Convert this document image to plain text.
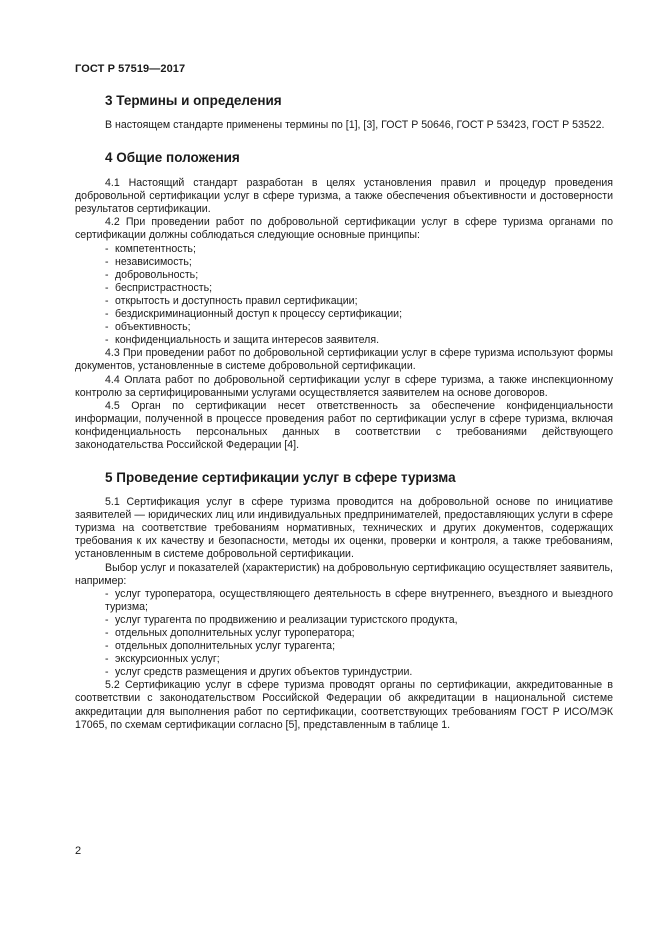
ГОСТ Р 57519—2017
3 Термины и определения

В настоящем стандарте применены термины по [1], [3], ГОСТ Р 50646, ГОСТ Р 53423, ГОСТ Р 53522.

4 Общие положения

4.1 Настоящий стандарт разработан в целях установления правил и процедур проведения добровольной сертификации услуг в сфере туризма, а также обеспечения объективности и достоверности результатов сертификации.

4.2 При проведении работ по добровольной сертификации услуг в сфере туризма органами по сертификации должны соблюдаться следующие основные принципы:

- компетентность;
- независимость;
- добровольность;
- беспристрастность;
- открытость и доступность правил сертификации;
- бездискриминационный доступ к процессу сертификации;
- объективность;
- конфиденциальность и защита интересов заявителя.

4.3 При проведении работ по добровольной сертификации услуг в сфере туризма используют формы документов, установленные в системе добровольной сертификации.

4.4 Оплата работ по добровольной сертификации услуг в сфере туризма, а также инспекционному контролю за сертифицированными услугами осуществляется заявителем на основе договоров.

4.5 Орган по сертификации несет ответственность за обеспечение конфиденциальности информации, полученной в процессе проведения работ по сертификации услуг в сфере туризма, включая конфиденциальность персональных данных в соответствии с требованиями действующего законодательства Российской Федерации [4].

5 Проведение сертификации услуг в сфере туризма

5.1 Сертификация услуг в сфере туризма проводится на добровольной основе по инициативе заявителей — юридических лиц или индивидуальных предпринимателей, предоставляющих услуги в сфере туризма на соответствие требованиям нормативных, технических и других документов, содержащих требования к их качеству и безопасности, методы их оценки, проверки и контроля, а также требованиям, установленным в системе добровольной сертификации.

Выбор услуг и показателей (характеристик) на добровольную сертификацию осуществляет заявитель, например:

- услуг туроператора, осуществляющего деятельность в сфере внутреннего, въездного и выездного туризма;
- услуг турагента по продвижению и реализации туристского продукта,
- отдельных дополнительных услуг туроператора;
- отдельных дополнительных услуг турагента;
- экскурсионных услуг;
- услуг средств размещения и других объектов туриндустрии.

5.2 Сертификацию услуг в сфере туризма проводят органы по сертификации, аккредитованные в соответствии с законодательством Российской Федерации об аккредитации в национальной системе аккредитации для выполнения работ по сертификации, соответствующих требованиям ГОСТ Р ИСО/МЭК 17065, по схемам сертификации согласно [5], представленным в таблице 1.

2
